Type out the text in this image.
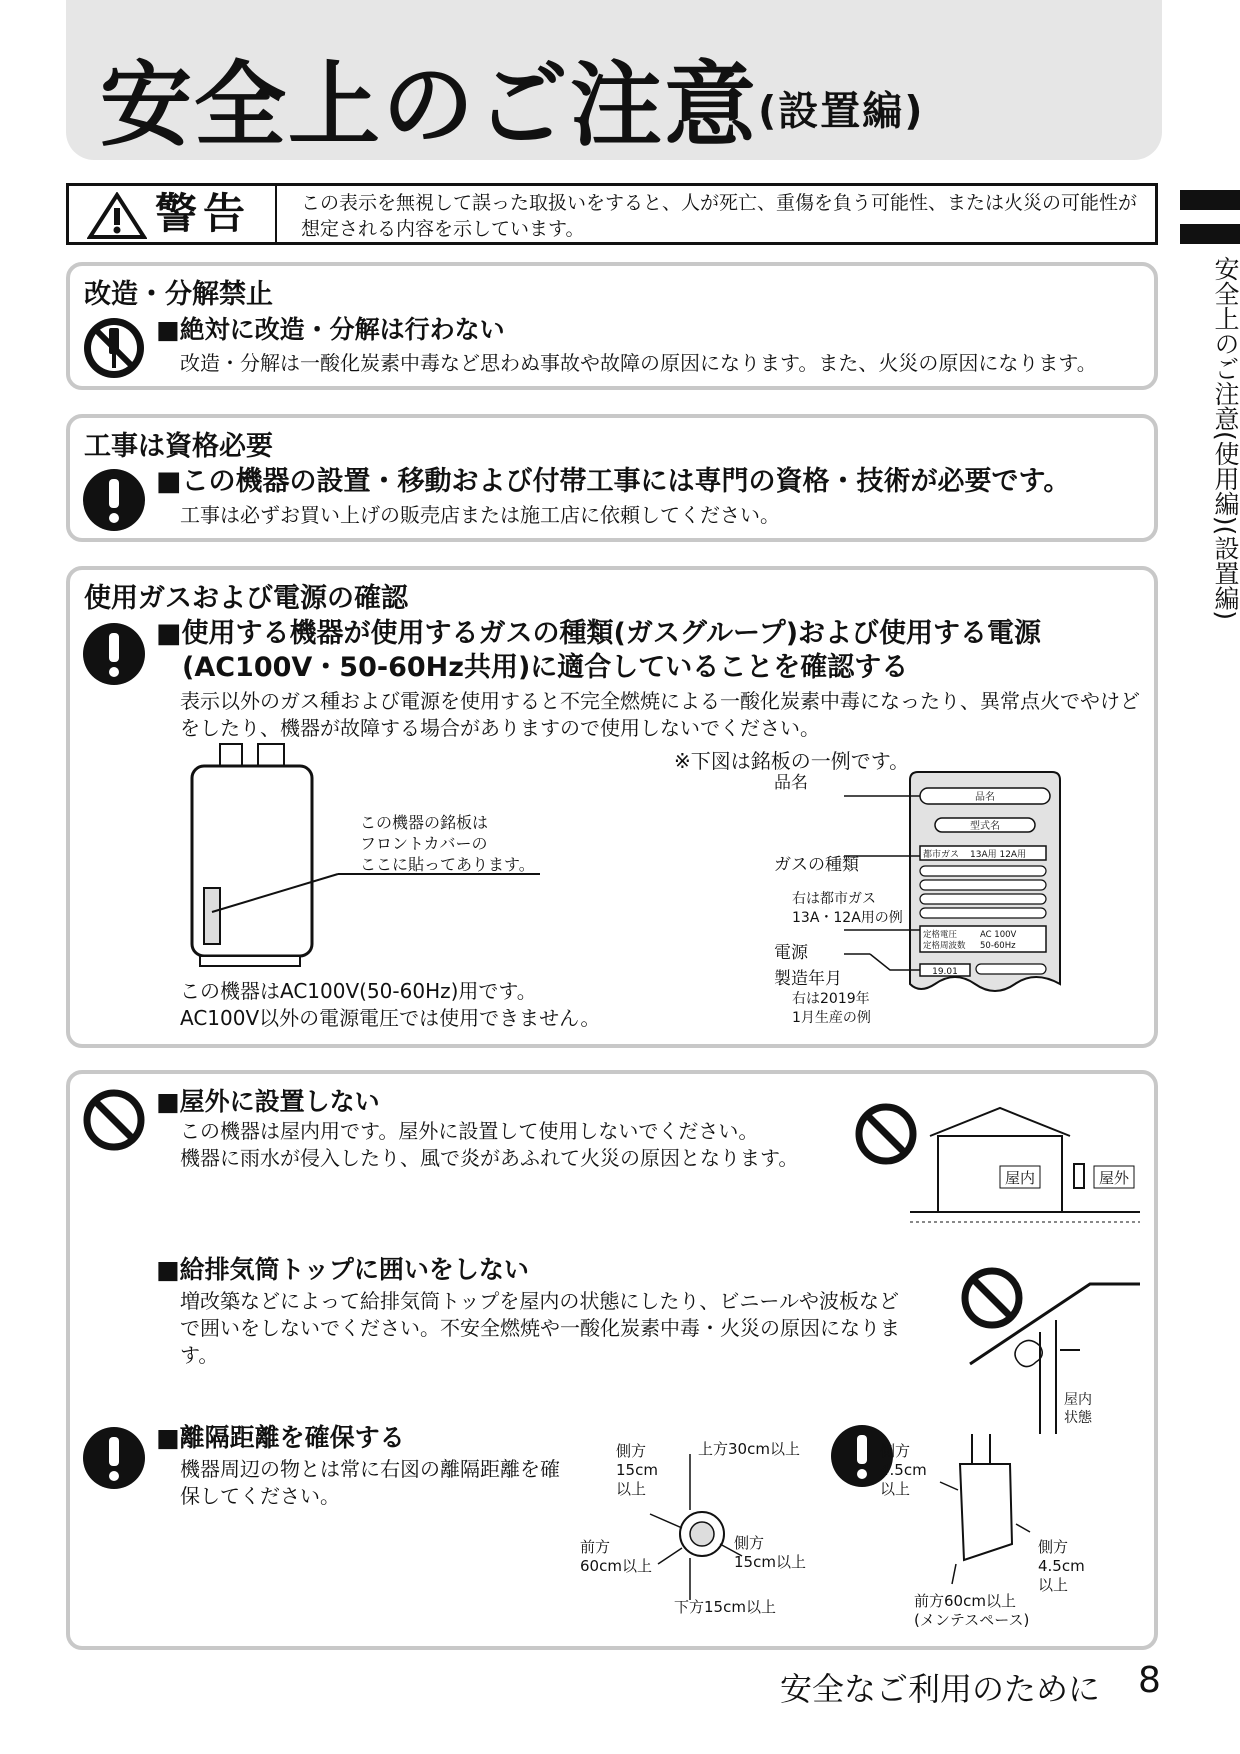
安全上のご注意(設置編)
安全上のご注意(使用編)(設置編)
警告	この表示を無視して誤った取扱いをすると、人が死亡、重傷を負う可能性、または火災の可能性が想定される内容を示しています。
改造・分解禁止
■絶対に改造・分解は行わない
改造・分解は一酸化炭素中毒など思わぬ事故や故障の原因になります。また、火災の原因になります。
工事は資格必要
■この機器の設置・移動および付帯工事には専門の資格・技術が必要です。
工事は必ずお買い上げの販売店または施工店に依頼してください。
使用ガスおよび電源の確認
■使用する機器が使用するガスの種類(ガスグループ)および使用する電源
(AC100V・50-60Hz共用)に適合していることを確認する
表示以外のガス種および電源を使用すると不完全燃焼による一酸化炭素中毒になったり、異常点火でやけどをしたり、機器が故障する場合がありますので使用しないでください。
※下図は銘板の一例です。
この機器の銘板は
フロントカバーの
ここに貼ってあります。
この機器はAC100V(50-60Hz)用です。
AC100V以外の電源電圧では使用できません。
品名
型式名
都市ガス 13A用 12A用
定格電圧	AC 100V
定格周波数 50-60Hz
19.01
品名
ガスの種類
右は都市ガス
13A・12A用の例
電源
製造年月
右は2019年
1月生産の例
■屋外に設置しない
この機器は屋内用です。屋外に設置して使用しないでください。
機器に雨水が侵入したり、風で炎があふれて火災の原因となります。
屋内	屋外
■給排気筒トップに囲いをしない
増改築などによって給排気筒トップを屋内の状態にしたり、ビニールや波板などで囲いをしないでください。不安全燃焼や一酸化炭素中毒・火災の原因になります。
屋内
状態
■離隔距離を確保する
機器周辺の物とは常に右図の離隔距離を確保してください。
側方
15cm
以上
上方30cm以上
前方
60cm以上
側方
15cm以上
下方15cm以上
側方
4.5cm
以上
側方
4.5cm
以上
前方60cm以上
(メンテスペース)
安全なご利用のために 8
